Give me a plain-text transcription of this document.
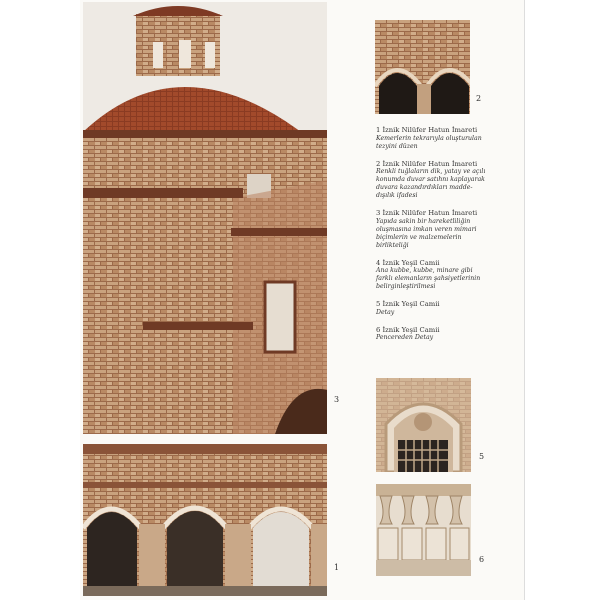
3
1
2
1 İznik Nilüfer Hatun İmareti
Kemerlerin tekrarıyla oluşturulan tezyini düzen
2 İznik Nilüfer Hatun İmareti
Renkli tuğlaların dik, yatay ve açılı konumda duvar satıhnı kaplayarak duvara kazandırdıkları madde-dışılık ifadesi
3 İznik Nilüfer Hatun İmareti
Yapıda sakin bir hareketliliğin oluşmasına imkan veren mimari biçimlerin ve malzemelerin birlikteliği
4 İznik Yeşil Camii
Ana kubbe, kubbe, minare gibi farklı elemanların şahsiyetlerinin belirginleştirilmesi
5 İznik Yeşil Camii
Detay
6 İznik Yeşil Camii
Pencereden Detay
5
6
